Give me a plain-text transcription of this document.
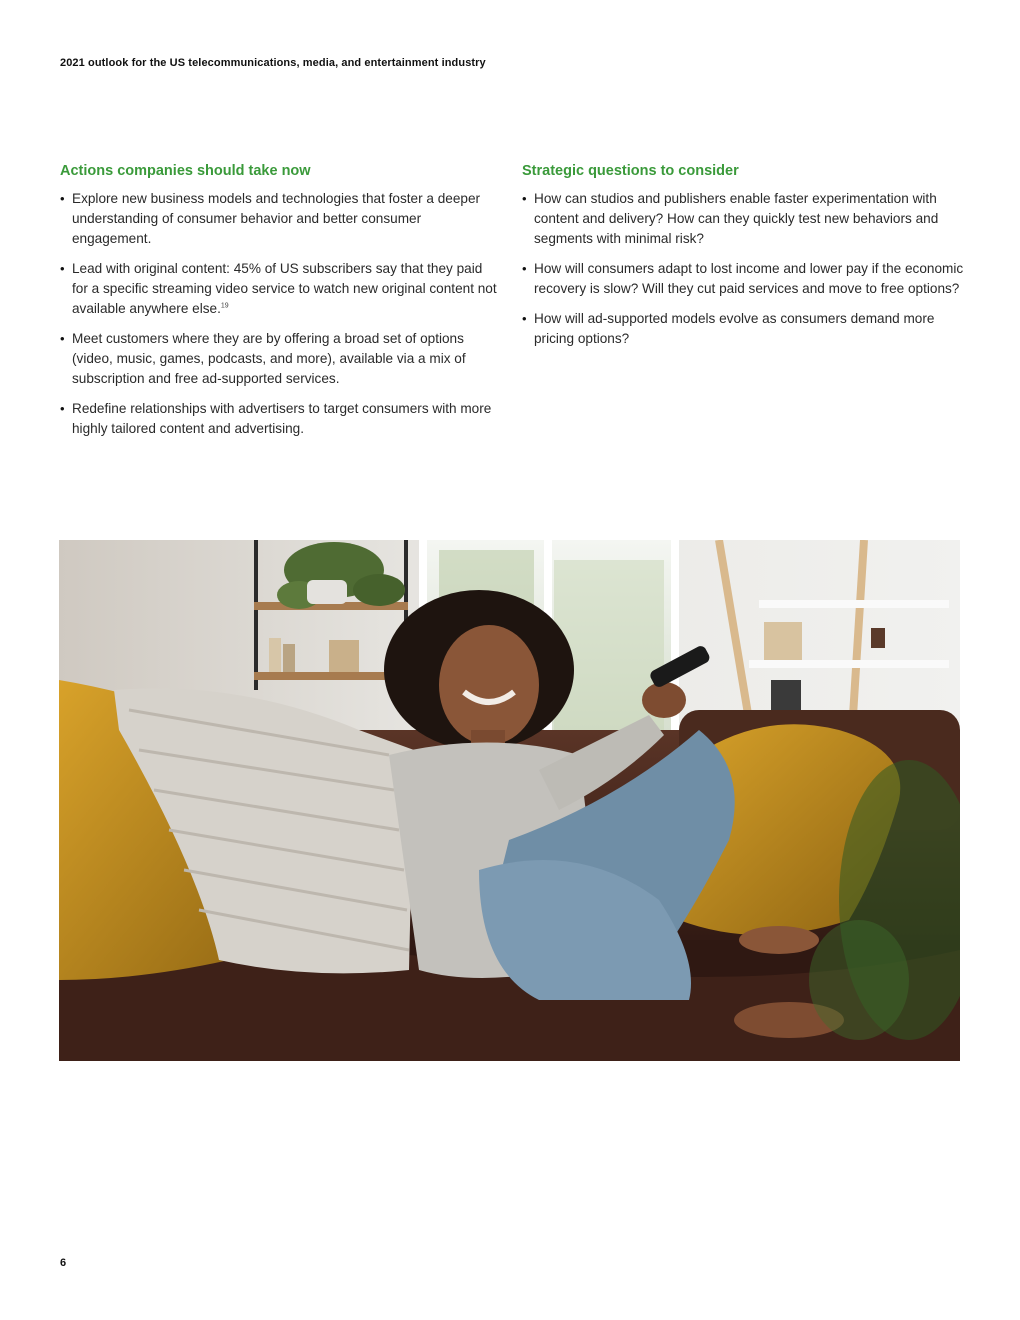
2021 outlook for the US telecommunications, media, and entertainment industry
Actions companies should take now
• Explore new business models and technologies that foster a deeper understanding of consumer behavior and better consumer engagement.
• Lead with original content: 45% of US subscribers say that they paid for a specific streaming video service to watch new original content not available anywhere else.$^{19}$
• Meet customers where they are by offering a broad set of options (video, music, games, podcasts, and more), available via a mix of subscription and free ad-supported services.
• Redefine relationships with advertisers to target consumers with more highly tailored content and advertising.
Strategic questions to consider
• How can studios and publishers enable faster experimentation with content and delivery? How can they quickly test new behaviors and segments with minimal risk?
• How will consumers adapt to lost income and lower pay if the economic recovery is slow? Will they cut paid services and move to free options?
• How will ad-supported models evolve as consumers demand more pricing options?
6
